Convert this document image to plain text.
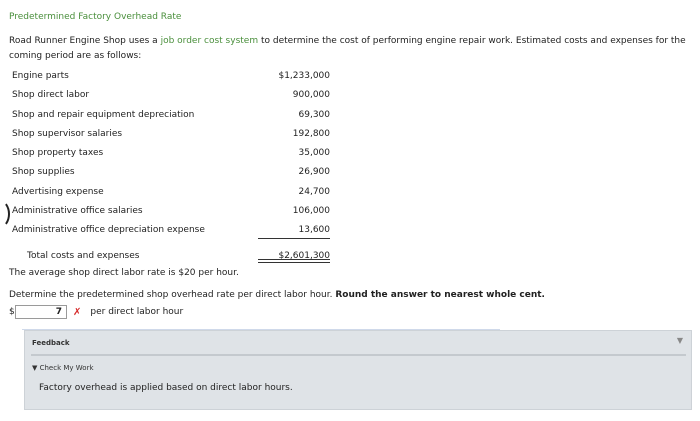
Predetermined Factory Overhead Rate
Road Runner Engine Shop uses a job order cost system to determine the cost of performing engine repair work. Estimated costs and expenses for the coming period are as follows:
Engine parts	$1,233,000
Shop direct labor	900,000
Shop and repair equipment depreciation	69,300
Shop supervisor salaries	192,800
Shop property taxes	35,000
Shop supplies	26,900
Advertising expense	24,700
Administrative office salaries	106,000
Administrative office depreciation expense	13,600
Total costs and expenses	$2,601,300
The average shop direct labor rate is $20 per hour.
Determine the predetermined shop overhead rate per direct labor hour. Round the answer to nearest whole cent.
$	7	✗ per direct labor hour
Feedback	▼
▼ Check My Work
Factory overhead is applied based on direct labor hours.
